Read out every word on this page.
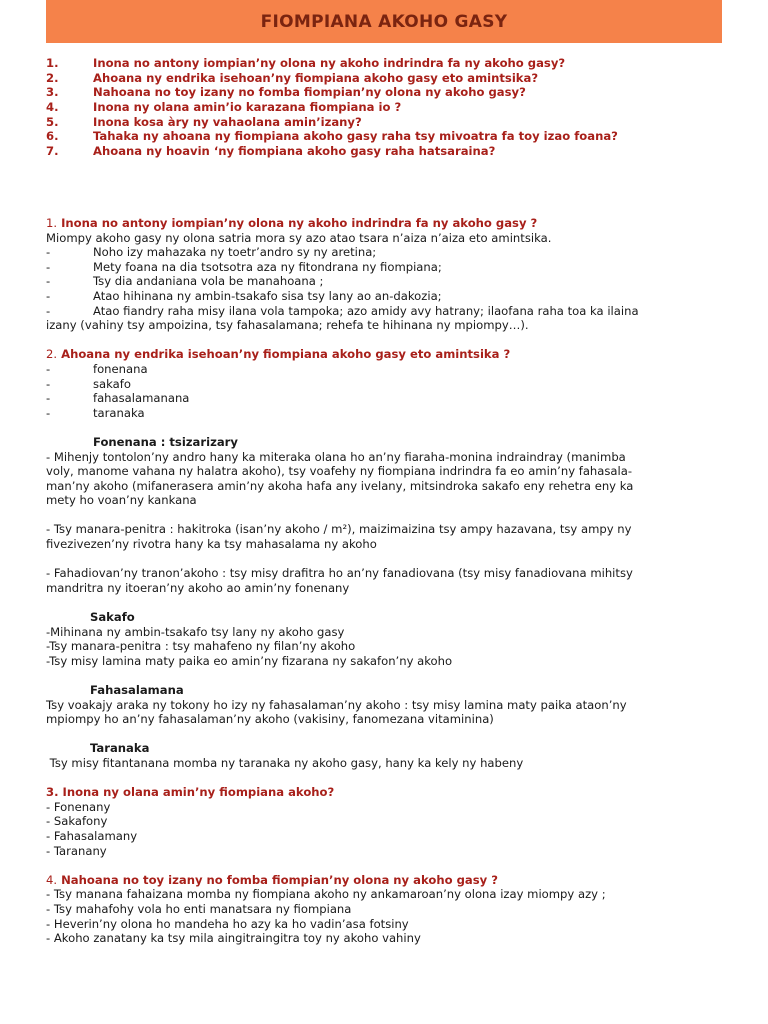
FIOMPIANA AKOHO GASY
1.	Inona no antony iompian’ny olona ny akoho indrindra fa ny akoho gasy?
2.	Ahoana ny endrika isehoan’ny fiompiana akoho gasy eto amintsika?
3.	Nahoana no toy izany no fomba fiompian’ny olona ny akoho gasy?
4.	Inona ny olana amin’io karazana fiompiana io ?
5.	Inona kosa àry ny vahaolana amin’izany?
6.	Tahaka ny ahoana ny fiompiana akoho gasy raha tsy mivoatra fa toy izao foana?
7.	Ahoana ny hoavin ‘ny fiompiana akoho gasy raha hatsaraina?
1. Inona no antony iompian’ny olona ny akoho indrindra fa ny akoho gasy ?
Miompy akoho gasy ny olona satria mora sy azo atao tsara n’aiza n’aiza eto amintsika.
-	Noho izy mahazaka ny toetr’andro sy ny aretina;
-	Mety foana na dia tsotsotra aza ny fitondrana ny fiompiana;
-	Tsy dia andaniana vola be manahoana ;
-	Atao hihinana ny ambin-tsakafo sisa tsy lany ao an-dakozia;
-	Atao fiandry raha misy ilana vola tampoka; azo amidy avy hatrany; ilaofana raha toa ka ilaina
izany (vahiny tsy ampoizina, tsy fahasalamana; rehefa te hihinana ny mpiompy…).
2. Ahoana ny endrika isehoan’ny fiompiana akoho gasy eto amintsika ?
-	fonenana
-	sakafo
-	fahasalamanana
-	taranaka
Fonenana : tsizarizary
- Mihenjy tontolon’ny andro hany ka miteraka olana ho an’ny fiaraha-monina indraindray (manimba
voly, manome vahana ny halatra akoho), tsy voafehy ny fiompiana indrindra fa eo amin’ny fahasala-
man’ny akoho (mifanerasera amin’ny akoha hafa any ivelany, mitsindroka sakafo eny rehetra eny ka
mety ho voan’ny kankana
- Tsy manara-penitra : hakitroka (isan’ny akoho / m²), maizimaizina tsy ampy hazavana, tsy ampy ny
fivezivezen’ny rivotra hany ka tsy mahasalama ny akoho
- Fahadiovan’ny tranon’akoho : tsy misy drafitra ho an’ny fanadiovana (tsy misy fanadiovana mihitsy
mandritra ny itoeran’ny akoho ao amin’ny fonenany
Sakafo
-Mihinana ny ambin-tsakafo tsy lany ny akoho gasy
-Tsy manara-penitra : tsy mahafeno ny filan’ny akoho
-Tsy misy lamina maty paika eo amin’ny fizarana ny sakafon’ny akoho
Fahasalamana
Tsy voakajy araka ny tokony ho izy ny fahasalaman’ny akoho : tsy misy lamina maty paika ataon’ny
mpiompy ho an’ny fahasalaman’ny akoho (vakisiny, fanomezana vitaminina)
Taranaka
Tsy misy fitantanana momba ny taranaka ny akoho gasy, hany ka kely ny habeny
3. Inona ny olana amin’ny fiompiana akoho?
- Fonenany
- Sakafony
- Fahasalamany
- Taranany
4. Nahoana no toy izany no fomba fiompian’ny olona ny akoho gasy ?
- Tsy manana fahaizana momba ny fiompiana akoho ny ankamaroan’ny olona izay miompy azy ;
- Tsy mahafohy vola ho enti manatsara ny fiompiana
- Heverin’ny olona ho mandeha ho azy ka ho vadin’asa fotsiny
- Akoho zanatany ka tsy mila aingitraingitra toy ny akoho vahiny
